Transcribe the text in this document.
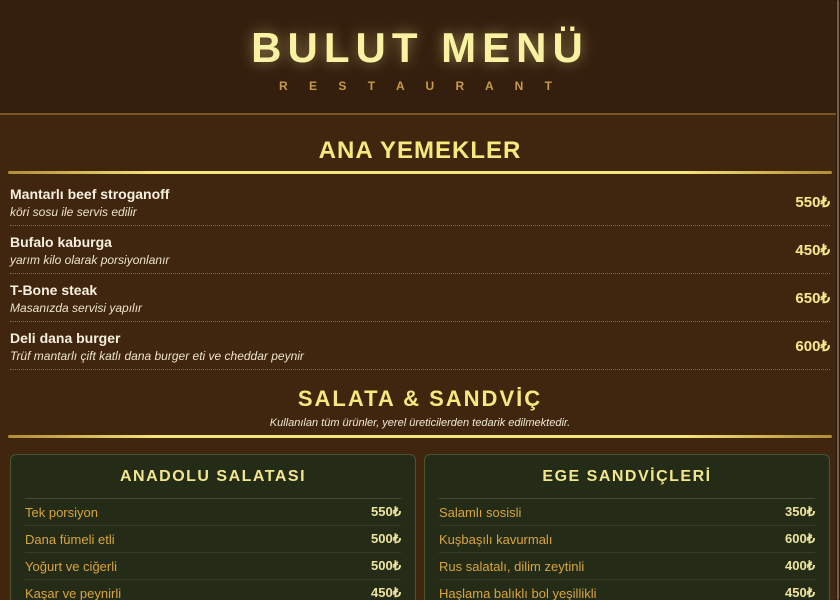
BULUT MENÜ
R E S T A U R A N T
ANA YEMEKLER
Mantarlı beef stroganoff

köri sosu ile servis edilir

550₺
Bufalo kaburga

yarım kilo olarak porsiyonlanır

450₺
T-Bone steak

Masanızda servisi yapılır

650₺
Deli dana burger

Trüf mantarlı çift katlı dana burger eti ve cheddar peynir

600₺
SALATA & SANDVİÇ

Kullanılan tüm ürünler, yerel üreticilerden tedarik edilmektedir.

ANADOLU SALATASI
Tek porsiyon	550₺
Dana fümeli etli	500₺
Yoğurt ve ciğerli	500₺
Kaşar ve peynirli	450₺
EGE SANDVİÇLERİ
Salamlı sosisli	350₺
Kuşbaşılı kavurmalı	600₺
Rus salatalı, dilim zeytinli	400₺
Haşlama balıklı bol yeşillikli	450₺
